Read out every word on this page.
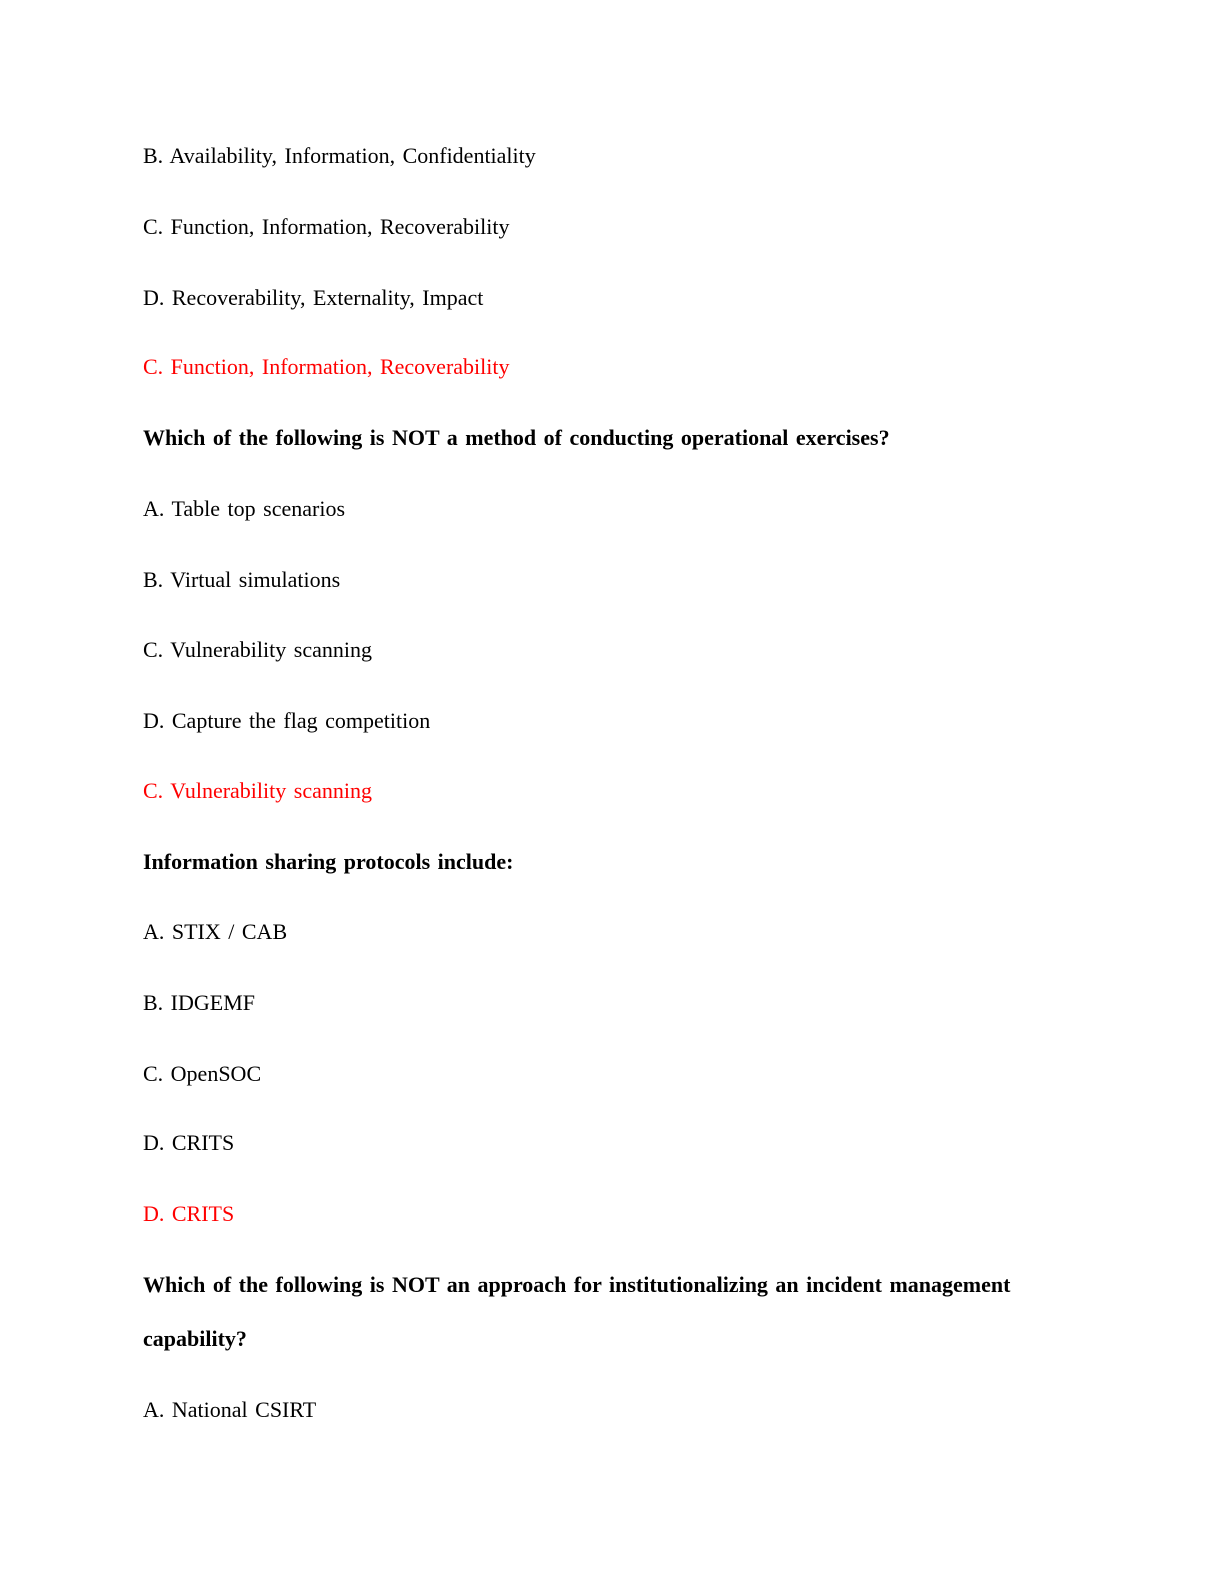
B. Availability, Information, Confidentiality
C. Function, Information, Recoverability
D. Recoverability, Externality, Impact
C. Function, Information, Recoverability
Which of the following is NOT a method of conducting operational exercises?
A. Table top scenarios
B. Virtual simulations
C. Vulnerability scanning
D. Capture the flag competition
C. Vulnerability scanning
Information sharing protocols include:
A. STIX / CAB
B. IDGEMF
C. OpenSOC
D. CRITS
D. CRITS
Which of the following is NOT an approach for institutionalizing an incident management
capability?
A. National CSIRT
